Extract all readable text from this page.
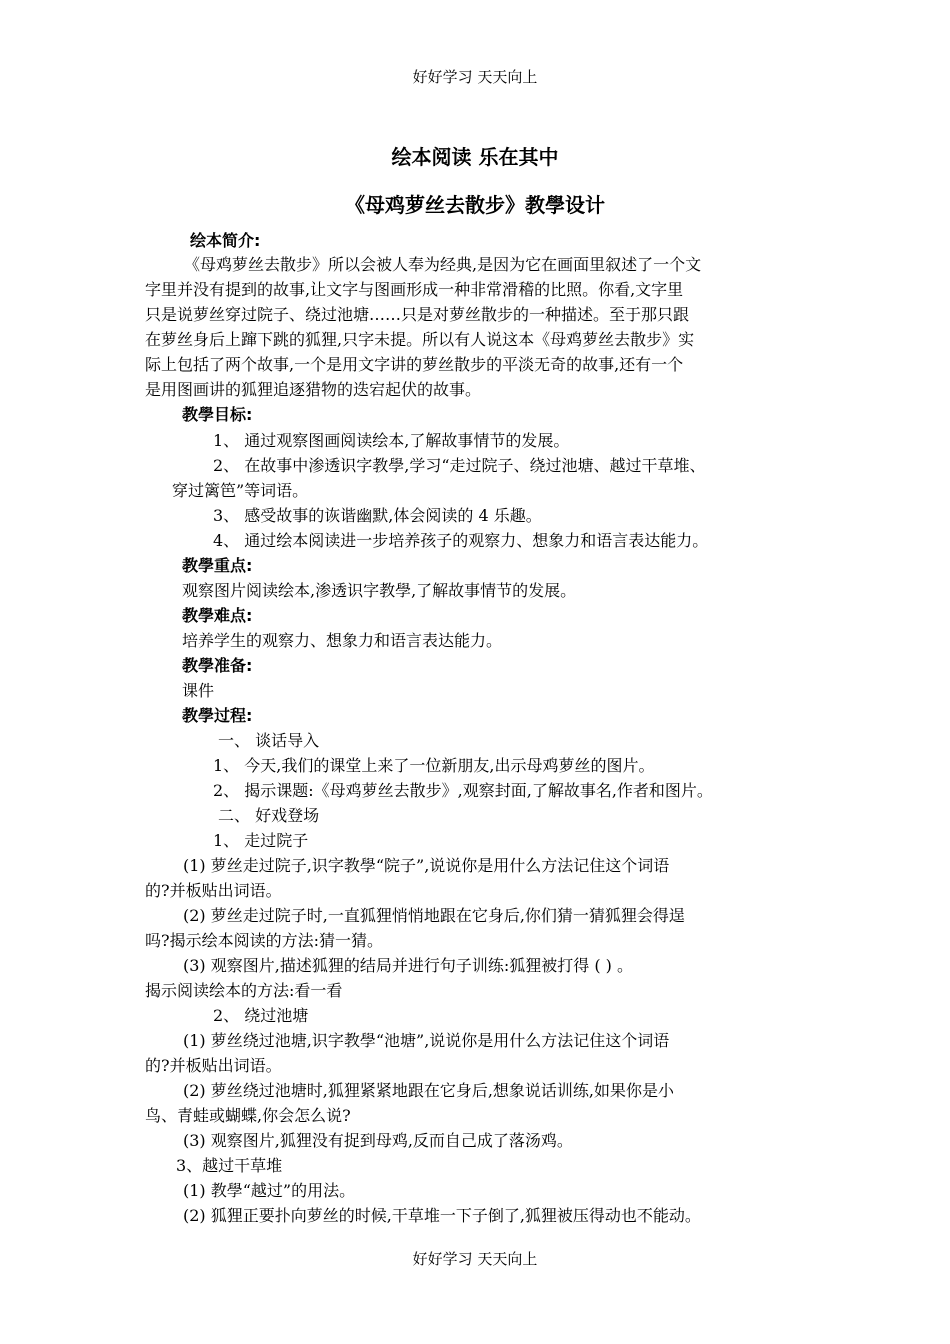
好好学习 天天向上
绘本阅读 乐在其中
《母鸡萝丝去散步》教學设计
绘本简介:
《母鸡萝丝去散步》所以会被人奉为经典,是因为它在画面里叙述了一个文
字里并没有提到的故事,让文字与图画形成一种非常滑稽的比照。你看,文字里
只是说萝丝穿过院子、绕过池塘……只是对萝丝散步的一种描述。至于那只跟
在萝丝身后上蹿下跳的狐狸,只字未提。所以有人说这本《母鸡萝丝去散步》实
际上包括了两个故事,一个是用文字讲的萝丝散步的平淡无奇的故事,还有一个
是用图画讲的狐狸追逐猎物的迭宕起伏的故事。
教學目标:
1、 通过观察图画阅读绘本,了解故事情节的发展。
2、 在故事中渗透识字教學,学习“走过院子、绕过池塘、越过干草堆、
穿过篱笆”等词语。
3、 感受故事的诙谐幽默,体会阅读的 4 乐趣。
4、 通过绘本阅读进一步培养孩子的观察力、想象力和语言表达能力。
教學重点:
观察图片阅读绘本,渗透识字教學,了解故事情节的发展。
教學难点:
培养学生的观察力、想象力和语言表达能力。
教學准备:
课件
教學过程:
一、 谈话导入
1、 今天,我们的课堂上来了一位新朋友,出示母鸡萝丝的图片。
2、 揭示课题:《母鸡萝丝去散步》,观察封面,了解故事名,作者和图片。
二、 好戏登场
1、 走过院子
(1) 萝丝走过院子,识字教學“院子”,说说你是用什么方法记住这个词语
的?并板贴出词语。
(2) 萝丝走过院子时,一直狐狸悄悄地跟在它身后,你们猜一猜狐狸会得逞
吗?揭示绘本阅读的方法:猜一猜。
(3) 观察图片,描述狐狸的结局并进行句子训练:狐狸被打得 ( ) 。
揭示阅读绘本的方法:看一看
2、 绕过池塘
(1) 萝丝绕过池塘,识字教學“池塘”,说说你是用什么方法记住这个词语
的?并板贴出词语。
(2) 萝丝绕过池塘时,狐狸紧紧地跟在它身后,想象说话训练,如果你是小
鸟、青蛙或蝴蝶,你会怎么说?
(3) 观察图片,狐狸没有捉到母鸡,反而自己成了落汤鸡。
3、越过干草堆
(1) 教學“越过”的用法。
(2) 狐狸正要扑向萝丝的时候,干草堆一下子倒了,狐狸被压得动也不能动。
好好学习 天天向上
